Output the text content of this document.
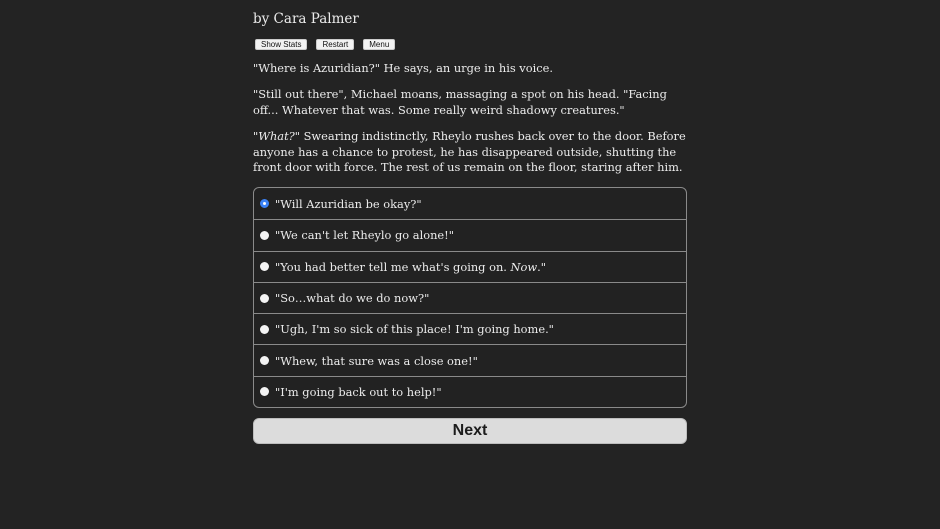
by Cara Palmer
Show Stats	Restart	Menu

"Where is Azuridian?" He says, an urge in his voice.

"Still out there", Michael moans, massaging a spot on his head. "Facing off... Whatever that was. Some really weird shadowy creatures."

"What?" Swearing indistinctly, Rheylo rushes back over to the door. Before anyone has a chance to protest, he has disappeared outside, shutting the front door with force. The rest of us remain on the floor, staring after him.

"Will Azuridian be okay?"
"We can't let Rheylo go alone!"
"You had better tell me what's going on. Now."
"So…what do we do now?"
"Ugh, I'm so sick of this place! I'm going home."
"Whew, that sure was a close one!"
"I'm going back out to help!"
Next
